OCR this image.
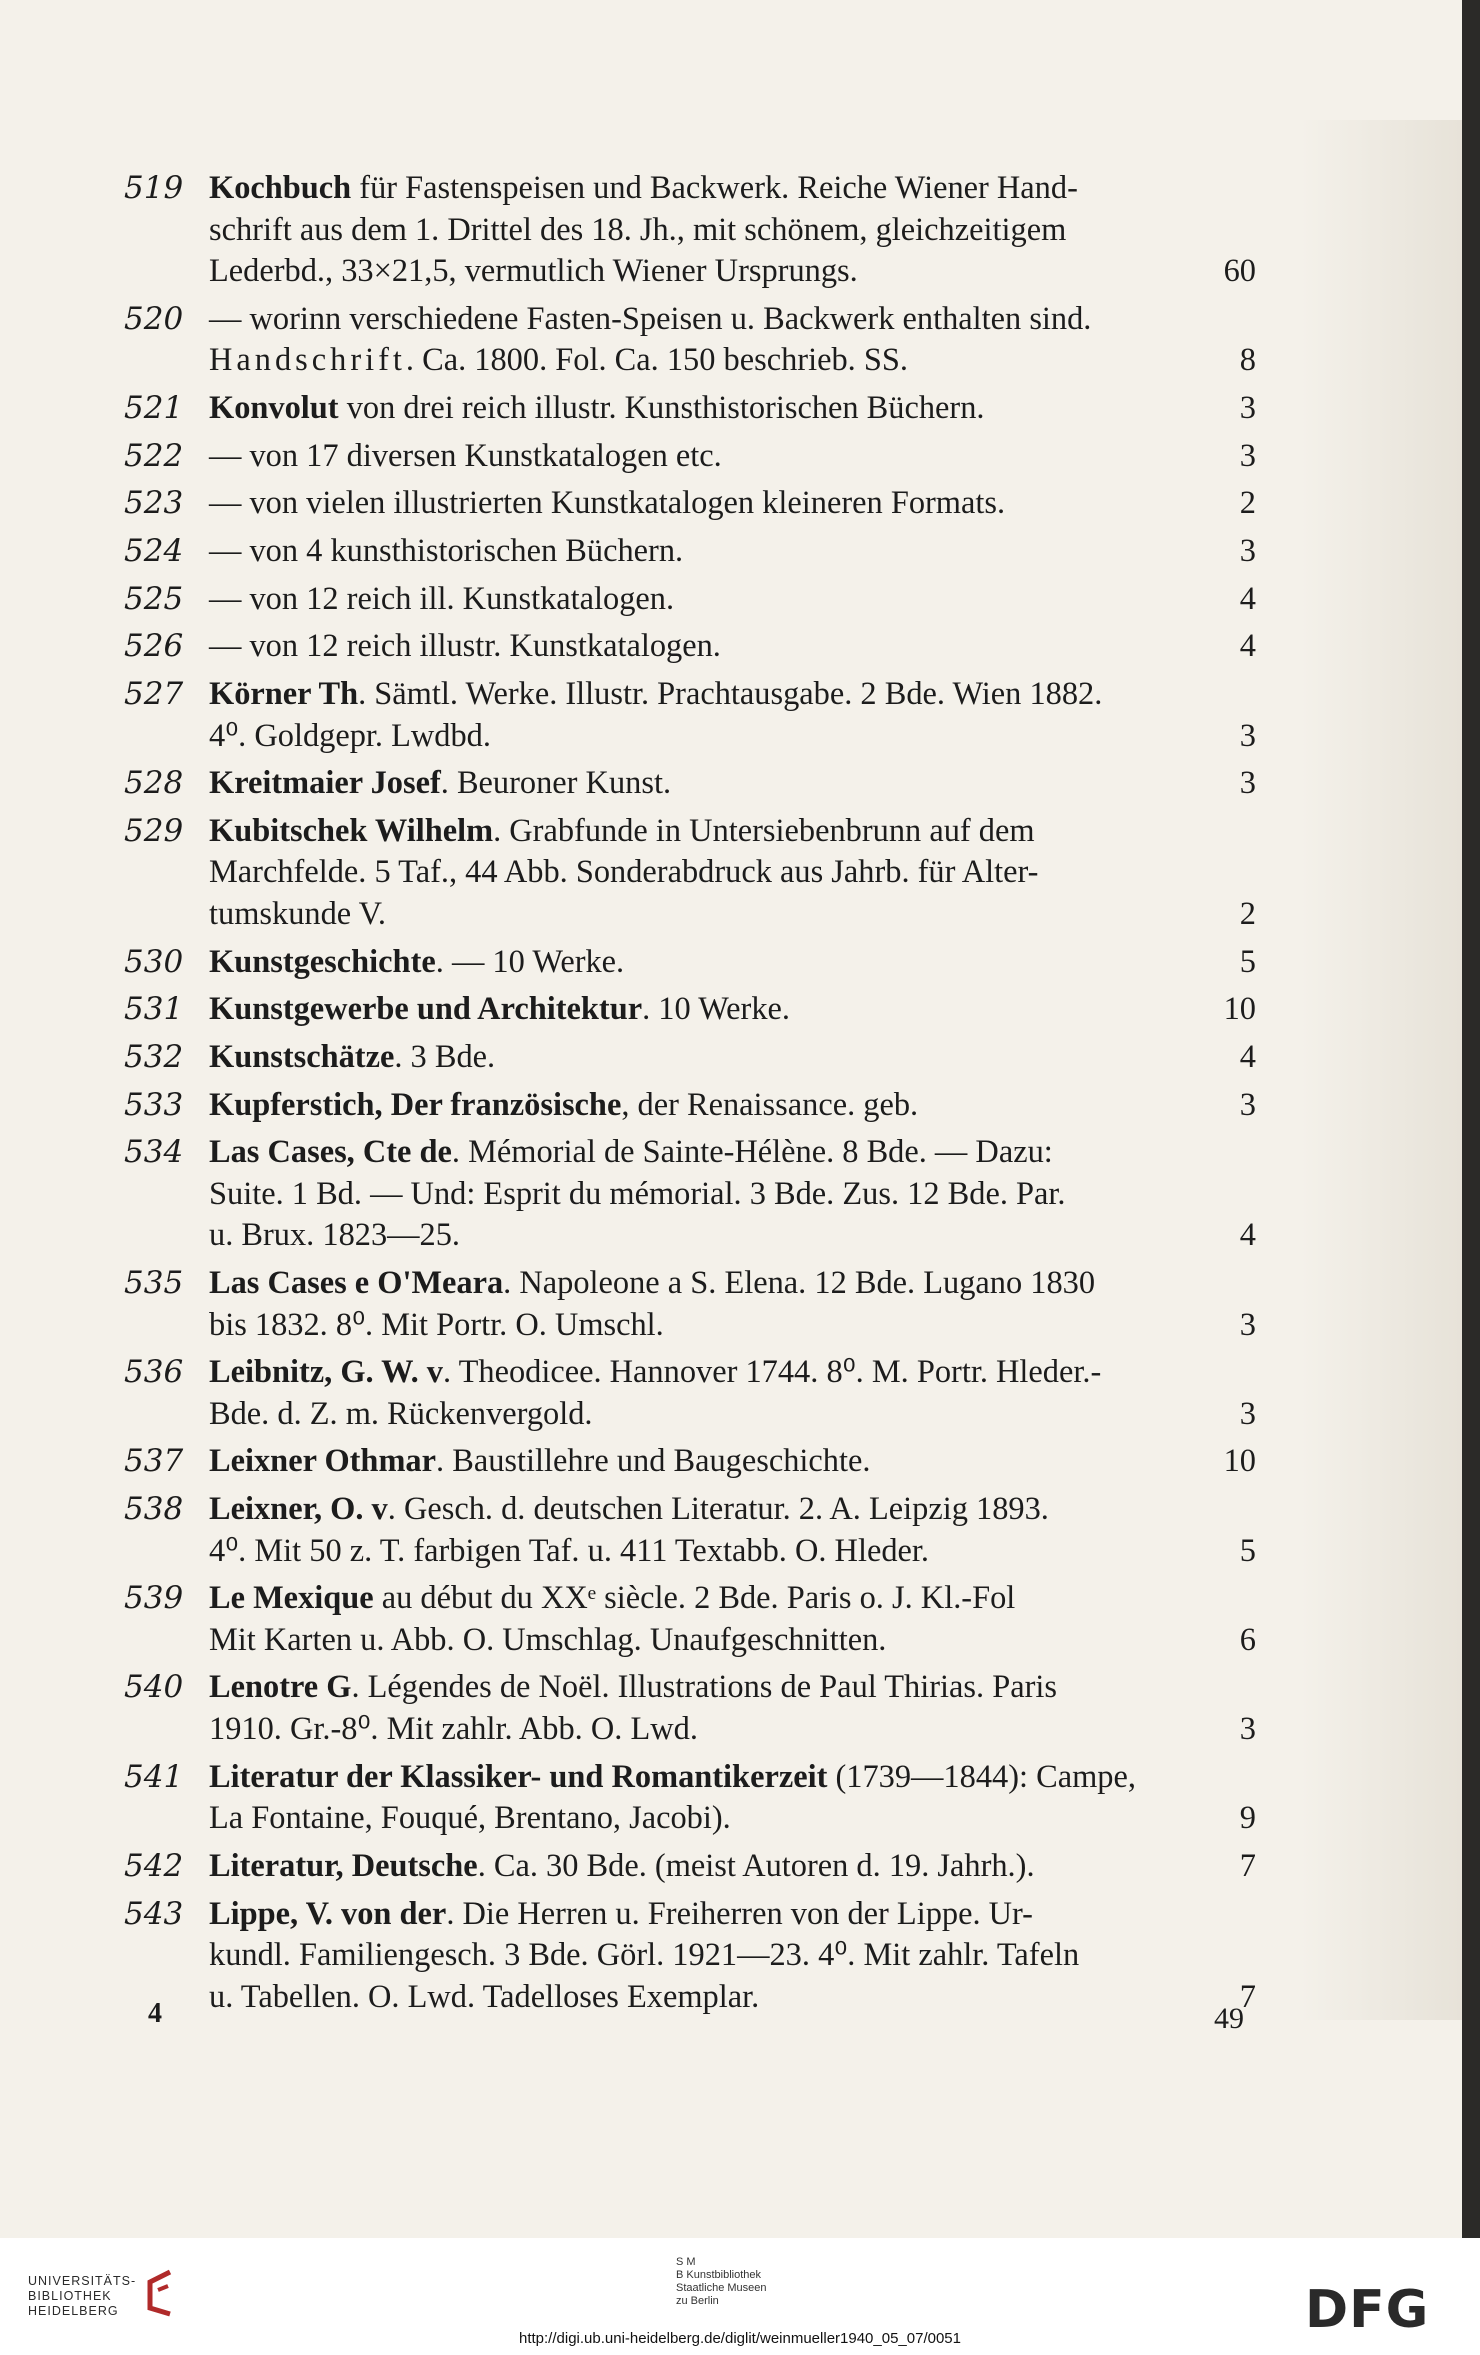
519 Kochbuch für Fastenspeisen und Backwerk. Reiche Wiener Hand-
schrift aus dem 1. Drittel des 18. Jh., mit schönem, gleichzeitigem
Lederbd., 33×21,5, vermutlich Wiener Ursprungs.	60
520 — worinn verschiedene Fasten-Speisen u. Backwerk enthalten sind.
Handschrift. Ca. 1800. Fol. Ca. 150 beschrieb. SS.	8
521 Konvolut von drei reich illustr. Kunsthistorischen Büchern.	3
522 — von 17 diversen Kunstkatalogen etc.	3
523 — von vielen illustrierten Kunstkatalogen kleineren Formats.	2
524 — von 4 kunsthistorischen Büchern.	3
525 — von 12 reich ill. Kunstkatalogen.	4
526 — von 12 reich illustr. Kunstkatalogen.	4
527 Körner Th. Sämtl. Werke. Illustr. Prachtausgabe. 2 Bde. Wien 1882.
4⁰. Goldgepr. Lwdbd.	3
528 Kreitmaier Josef. Beuroner Kunst.	3
529 Kubitschek Wilhelm. Grabfunde in Untersiebenbrunn auf dem
Marchfelde. 5 Taf., 44 Abb. Sonderabdruck aus Jahrb. für Alter-
tumskunde V.	2
530 Kunstgeschichte. — 10 Werke.	5
531 Kunstgewerbe und Architektur. 10 Werke.	10
532 Kunstschätze. 3 Bde.	4
533 Kupferstich, Der französische, der Renaissance. geb.	3
534 Las Cases, Cte de. Mémorial de Sainte-Hélène. 8 Bde. — Dazu:
Suite. 1 Bd. — Und: Esprit du mémorial. 3 Bde. Zus. 12 Bde. Par.
u. Brux. 1823—25.	4
535 Las Cases e O'Meara. Napoleone a S. Elena. 12 Bde. Lugano 1830
bis 1832. 8⁰. Mit Portr. O. Umschl.	3
536 Leibnitz, G. W. v. Theodicee. Hannover 1744. 8⁰. M. Portr. Hleder.-
Bde. d. Z. m. Rückenvergold.	3
537 Leixner Othmar. Baustillehre und Baugeschichte.	10
538 Leixner, O. v. Gesch. d. deutschen Literatur. 2. A. Leipzig 1893.
4⁰. Mit 50 z. T. farbigen Taf. u. 411 Textabb. O. Hleder.	5
539 Le Mexique au début du XXᵉ siècle. 2 Bde. Paris o. J. Kl.-Fol
Mit Karten u. Abb. O. Umschlag. Unaufgeschnitten.	6
540 Lenotre G. Légendes de Noël. Illustrations de Paul Thirias. Paris
1910. Gr.-8⁰. Mit zahlr. Abb. O. Lwd.	3
541 Literatur der Klassiker- und Romantikerzeit (1739—1844): Campe,
La Fontaine, Fouqué, Brentano, Jacobi).	9
542 Literatur, Deutsche. Ca. 30 Bde. (meist Autoren d. 19. Jahrh.).	7
543 Lippe, V. von der. Die Herren u. Freiherren von der Lippe. Ur-
kundl. Familiengesch. 3 Bde. Görl. 1921—23. 4⁰. Mit zahlr. Tafeln
u. Tabellen. O. Lwd. Tadelloses Exemplar.	7
4	49
UNIVERSITÄTS-
BIBLIOTHEK
HEIDELBERG
S M
B Kunstbibliothek
Staatliche Museen
zu Berlin	DFG
http://digi.ub.uni-heidelberg.de/diglit/weinmueller1940_05_07/0051
